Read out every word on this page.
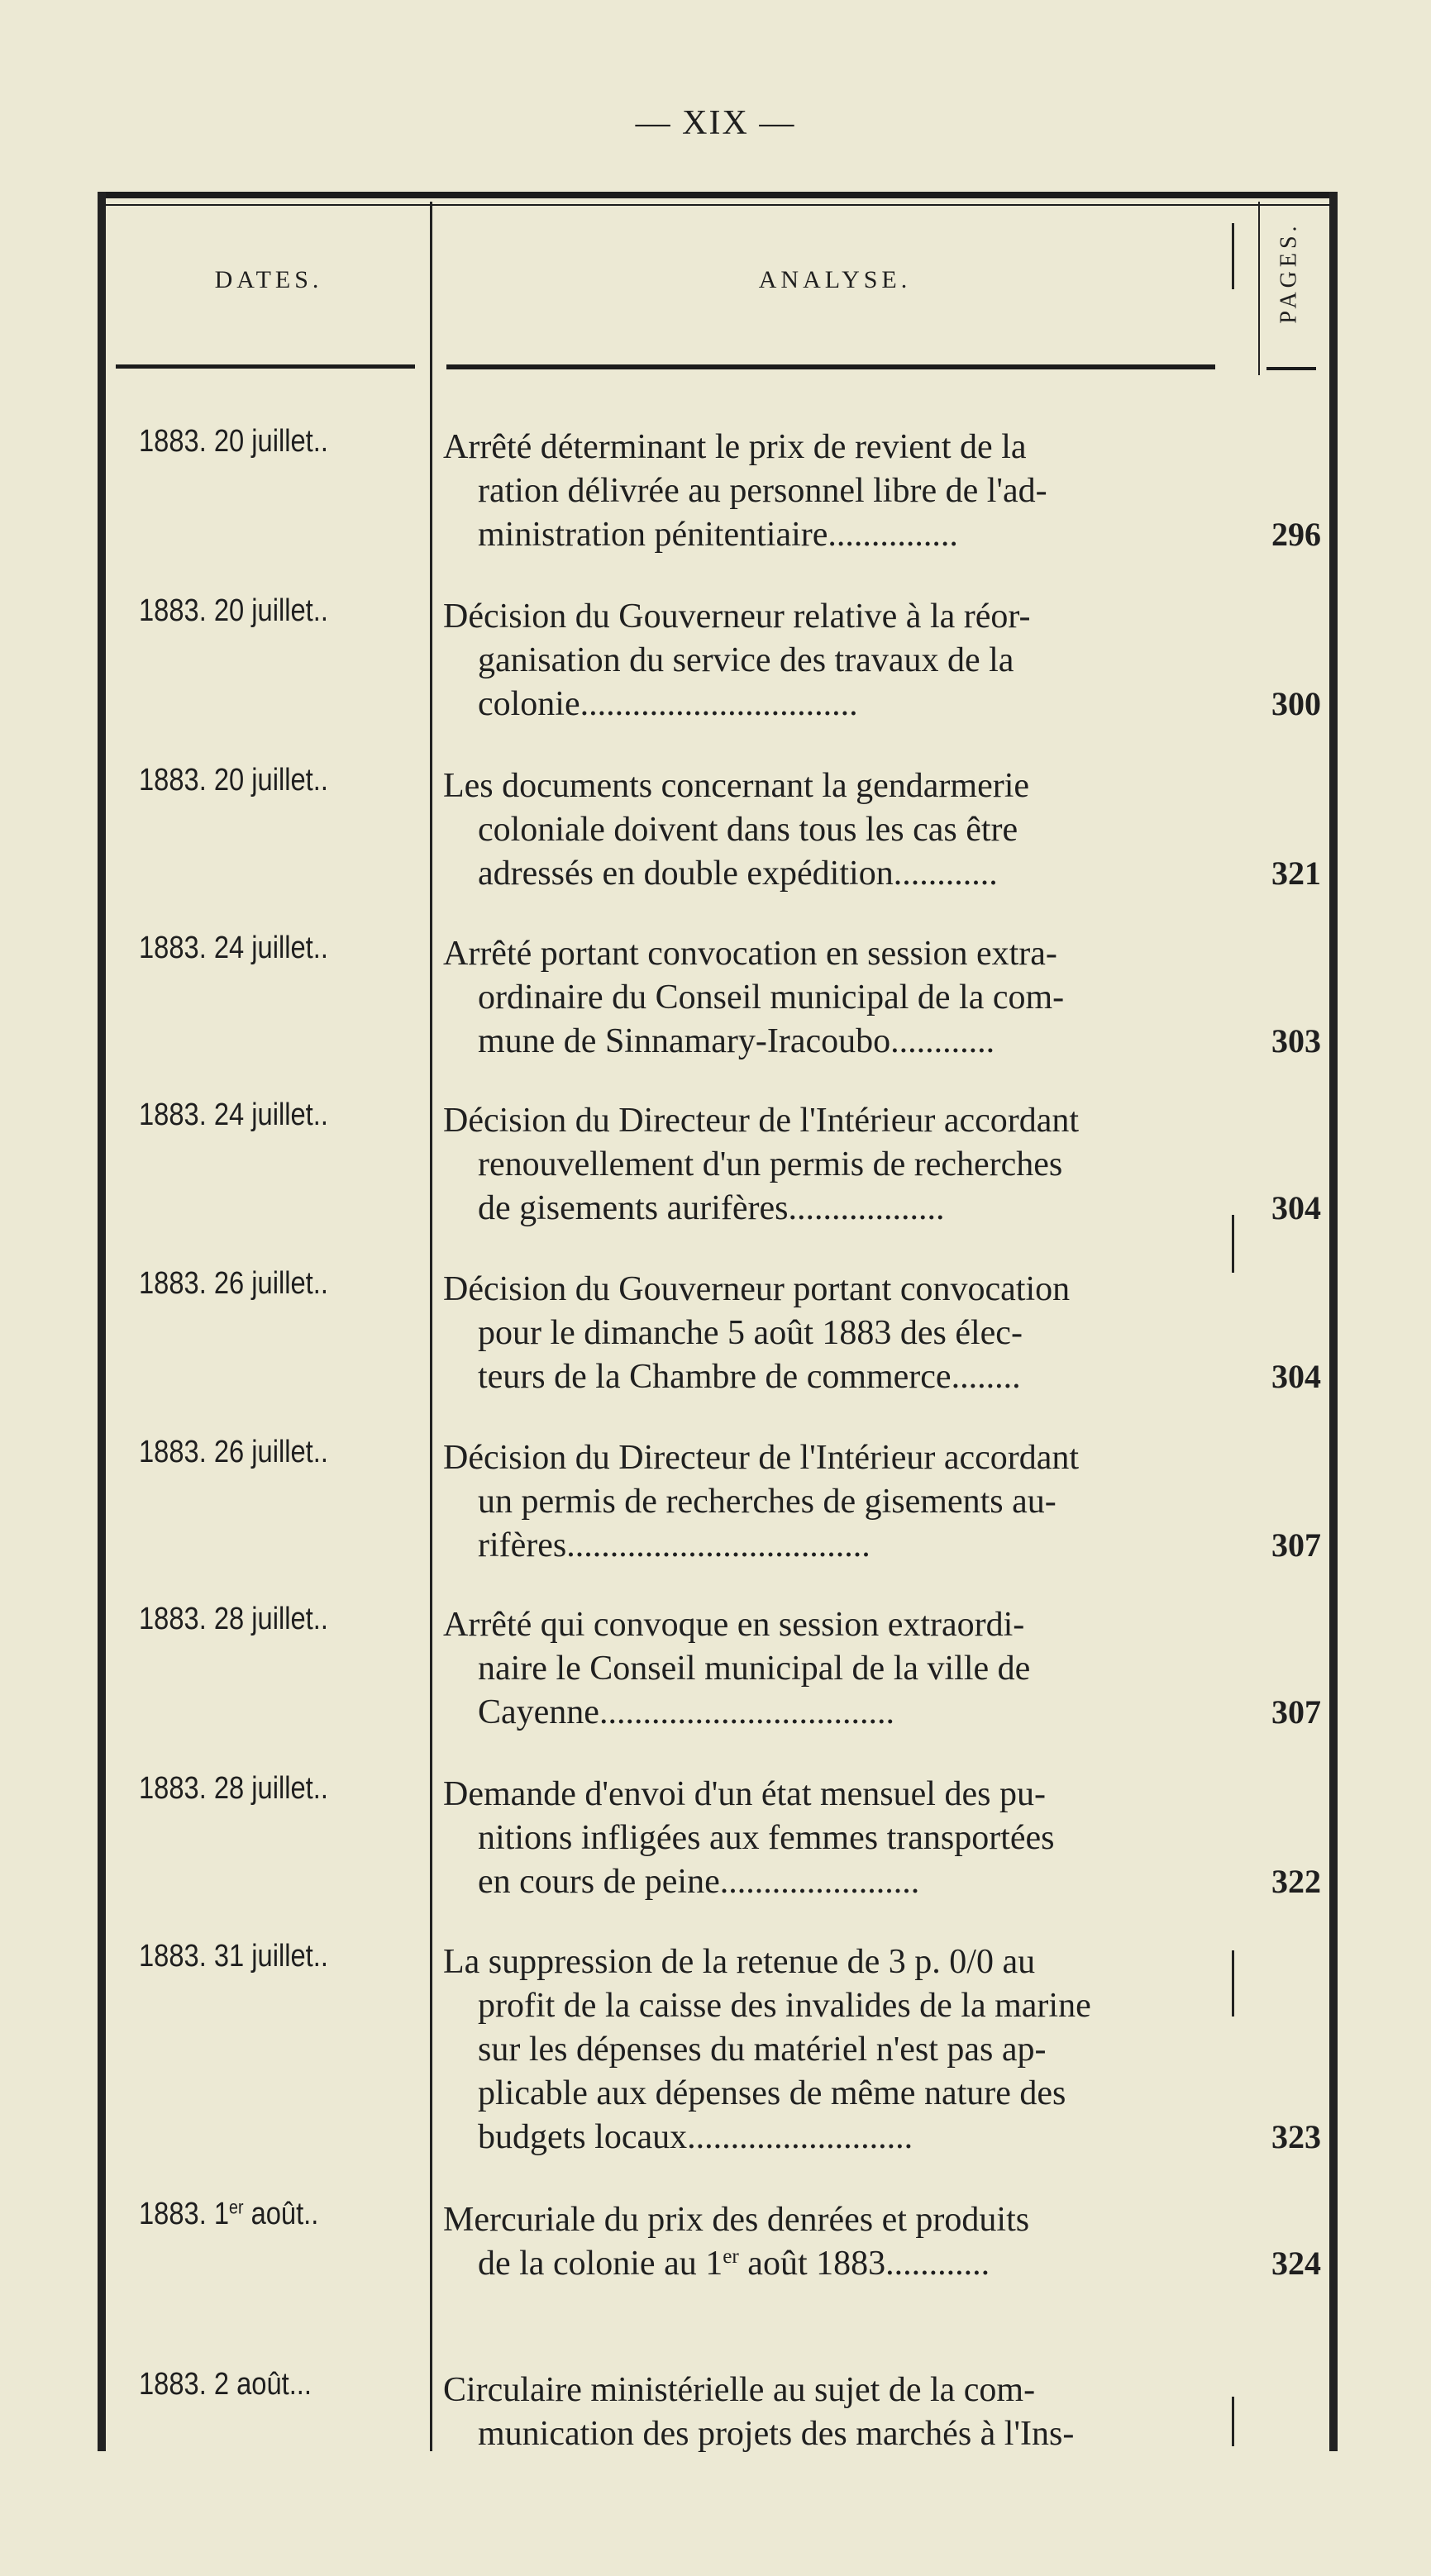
— XIX —
DATES.	ANALYSE.	PAGES.
1883. 20 juillet..	Arrêté déterminant le prix de revient de la
ration délivrée au personnel libre de l'ad-
ministration pénitentiaire...............	296
1883. 20 juillet..	Décision du Gouverneur relative à la réor-
ganisation du service des travaux de la
colonie................................	300
1883. 20 juillet..	Les documents concernant la gendarmerie
coloniale doivent dans tous les cas être
adressés en double expédition............	321
1883. 24 juillet..	Arrêté portant convocation en session extra-
ordinaire du Conseil municipal de la com-
mune de Sinnamary-Iracoubo............	303
1883. 24 juillet..	Décision du Directeur de l'Intérieur accordant
renouvellement d'un permis de recherches
de gisements aurifères..................	304
1883. 26 juillet..	Décision du Gouverneur portant convocation
pour le dimanche 5 août 1883 des élec-
teurs de la Chambre de commerce........	304
1883. 26 juillet..	Décision du Directeur de l'Intérieur accordant
un permis de recherches de gisements au-
rifères...................................	307
1883. 28 juillet..	Arrêté qui convoque en session extraordi-
naire le Conseil municipal de la ville de
Cayenne..................................	307
1883. 28 juillet..	Demande d'envoi d'un état mensuel des pu-
nitions infligées aux femmes transportées
en cours de peine.......................	322
1883. 31 juillet..	La suppression de la retenue de 3 p. 0/0 au
profit de la caisse des invalides de la marine
sur les dépenses du matériel n'est pas ap-
plicable aux dépenses de même nature des
budgets locaux..........................	323
1883. 1er août..	Mercuriale du prix des denrées et produits
de la colonie au 1er août 1883............	324
1883. 2 août...	Circulaire ministérielle au sujet de la com-
munication des projets des marchés à l'Ins-
